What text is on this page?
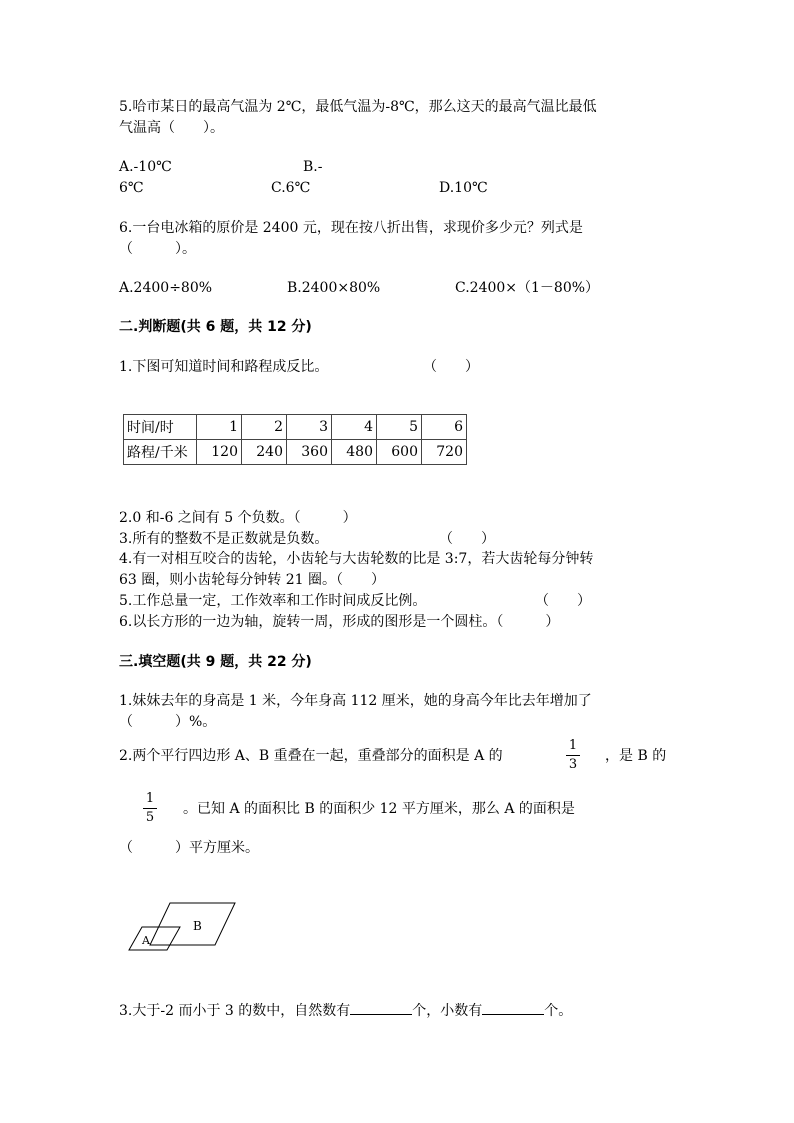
5.哈市某日的最高气温为 2℃，最低气温为-8℃，那么这天的最高气温比最低
气温高（　　）。
A.-10℃	B.-
6℃	C.6℃	D.10℃
6.一台电冰箱的原价是 2400 元，现在按八折出售，求现价多少元？列式是
（　　　）。
A.2400÷80%	B.2400×80%	C.2400×（1－80%）
二.判断题(共 6 题，共 12 分)
1.下图可知道时间和路程成反比。	（　　）
时间/时	1	2	3	4	5	6
路程/千米	120	240	360	480	600	720
2.0 和-6 之间有 5 个负数。（　　　）
3.所有的整数不是正数就是负数。	（　　）
4.有一对相互咬合的齿轮，小齿轮与大齿轮数的比是 3:7，若大齿轮每分钟转
63 圈，则小齿轮每分钟转 21 圈。（　　）
5.工作总量一定，工作效率和工作时间成反比例。	（　　）
6.以长方形的一边为轴，旋转一周，形成的图形是一个圆柱。（　　　）
三.填空题(共 9 题，共 22 分)
1.妹妹去年的身高是 1 米，今年身高 112 厘米，她的身高今年比去年增加了
（　　　）%。
2.两个平行四边形 A、B 重叠在一起，重叠部分的面积是 A 的
1
3
，是 B 的
1
5
。已知 A 的面积比 B 的面积少 12 平方厘米，那么 A 的面积是
（　　　）平方厘米。
B
A
3.大于-2 而小于 3 的数中，自然数有	个，小数有	个。
